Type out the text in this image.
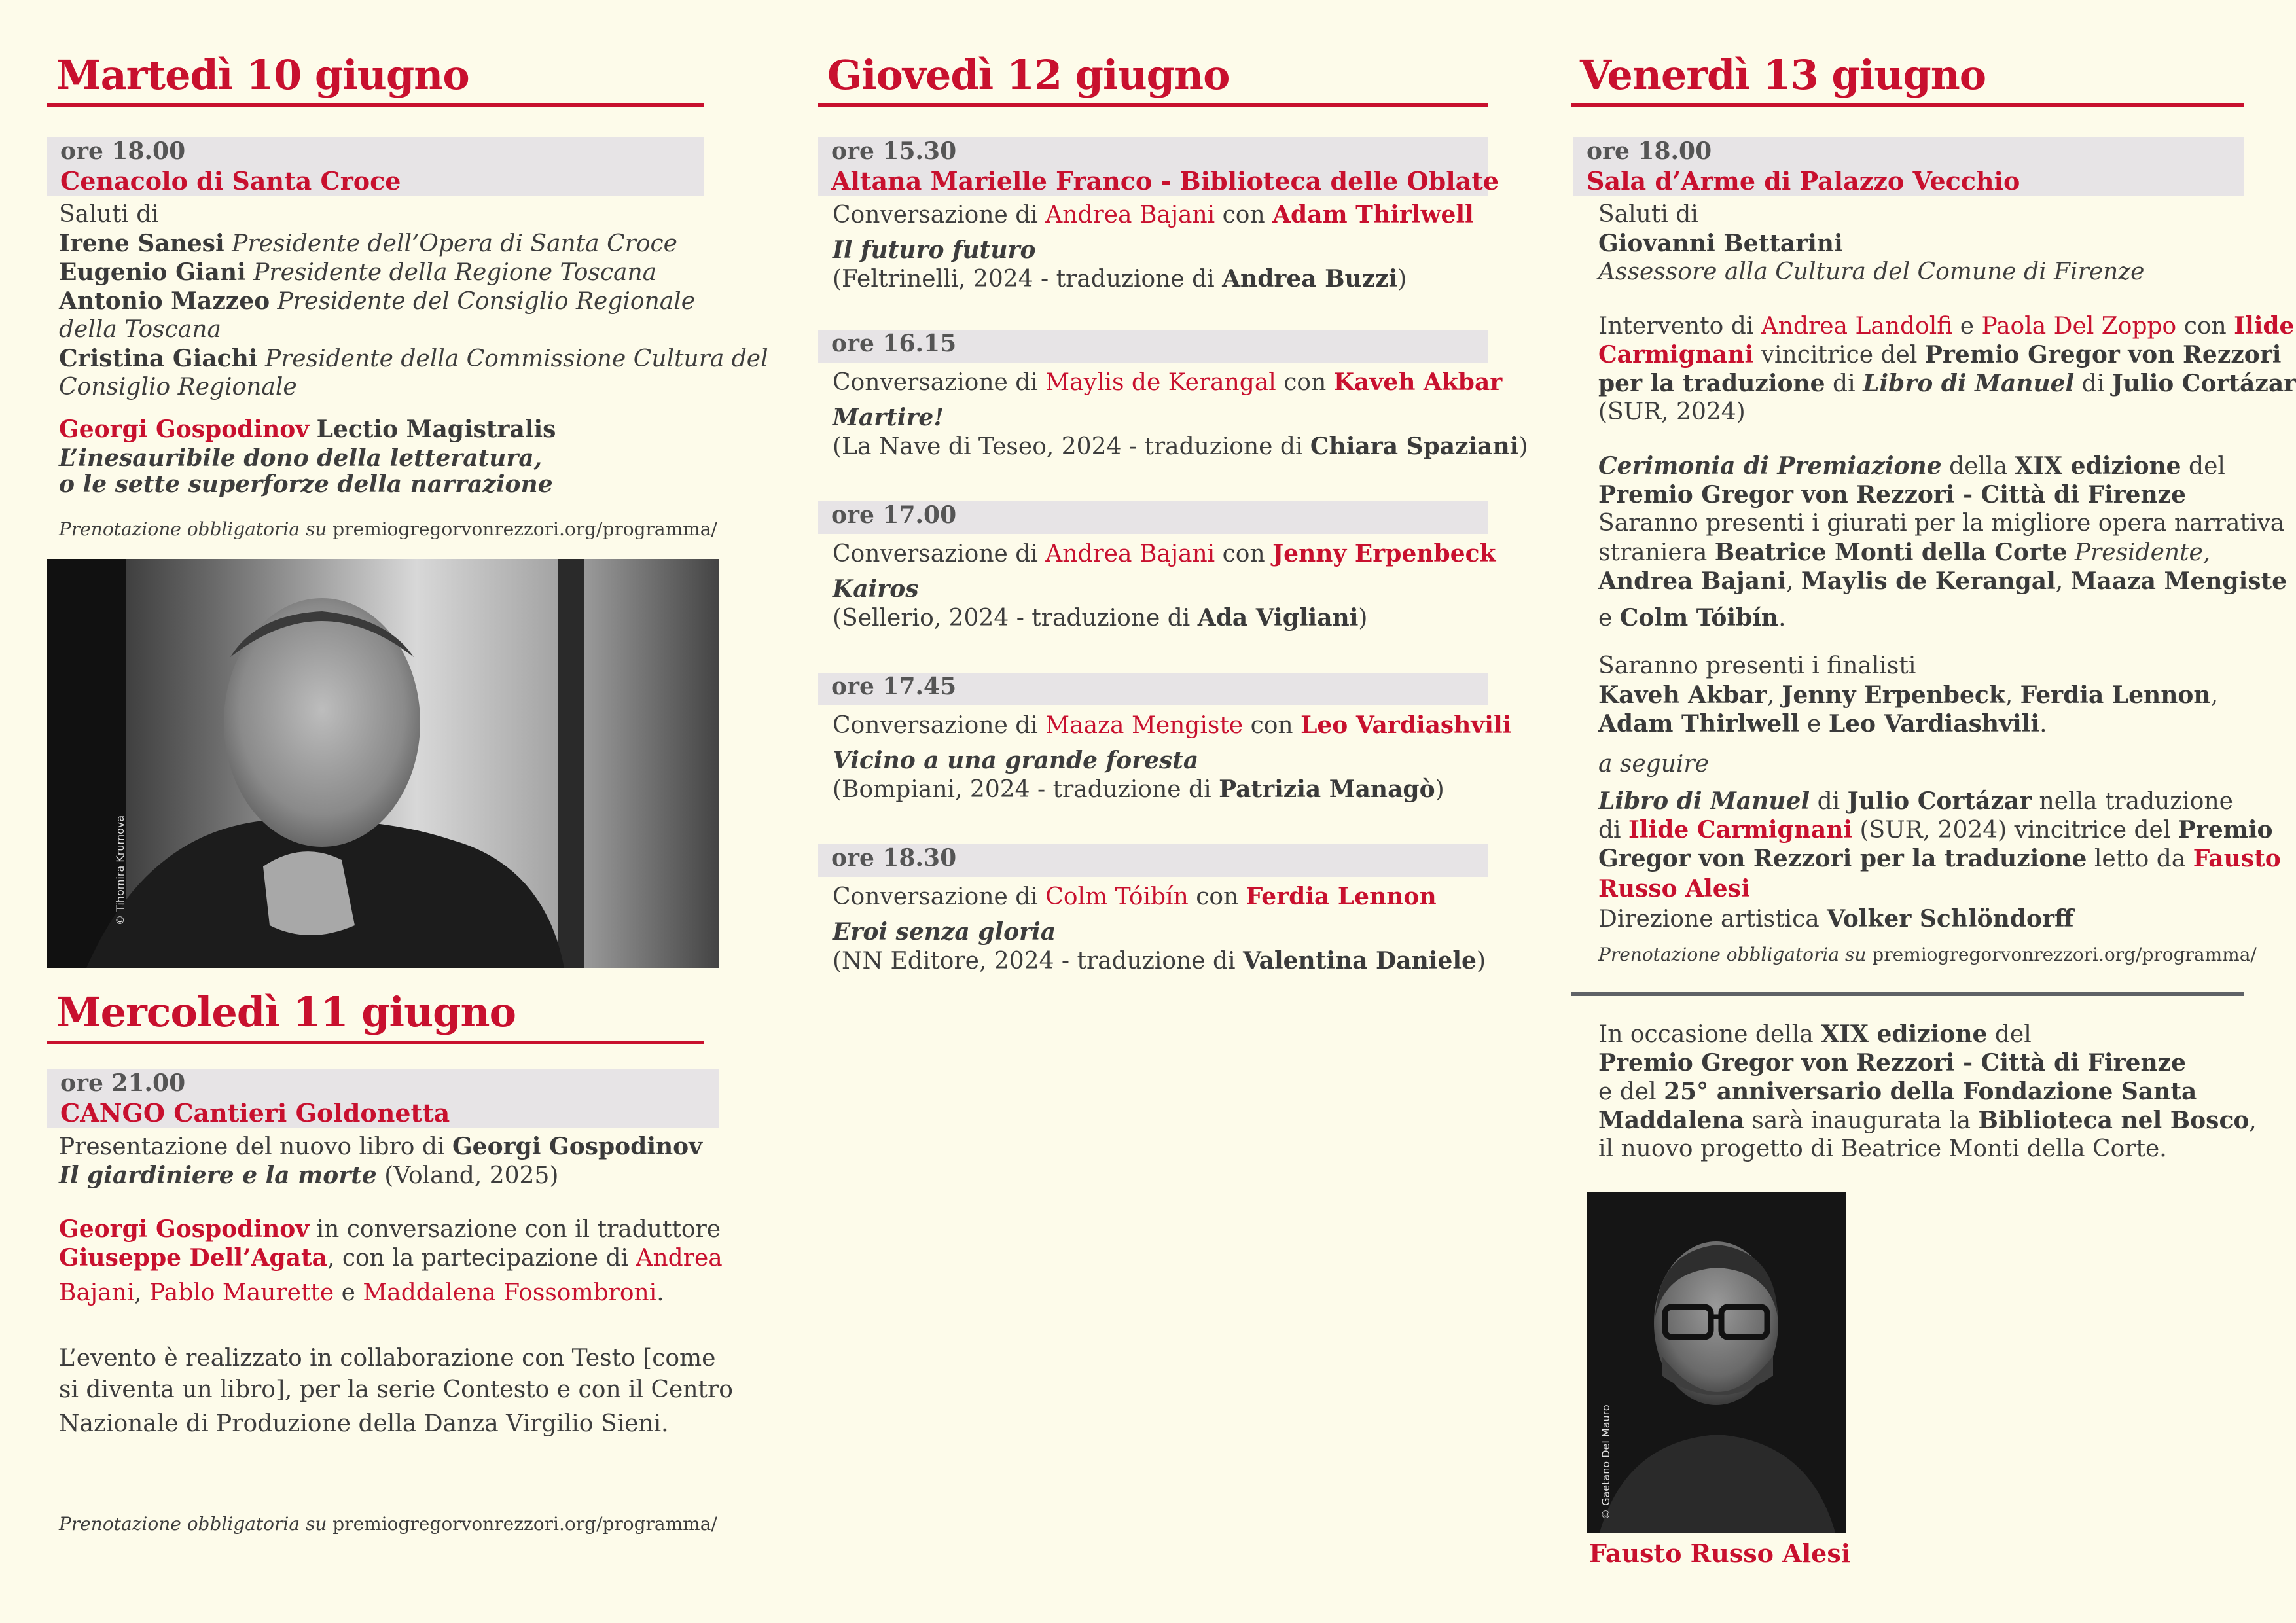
Martedì 10 giugno
ore 18.00
Cenacolo di Santa Croce
Saluti di
Irene Sanesi Presidente dell’Opera di Santa Croce
Eugenio Giani Presidente della Regione Toscana
Antonio Mazzeo Presidente del Consiglio Regionale
della Toscana
Cristina Giachi Presidente della Commissione Cultura del
Consiglio Regionale
Georgi Gospodinov Lectio Magistralis
L’inesauribile dono della letteratura,
o le sette superforze della narrazione
Prenotazione obbligatoria su premiogregorvonrezzori.org/programma/
© Tihomira Krumova
Mercoledì 11 giugno
ore 21.00
CANGO Cantieri Goldonetta
Presentazione del nuovo libro di Georgi Gospodinov
Il giardiniere e la morte (Voland, 2025)
Georgi Gospodinov in conversazione con il traduttore
Giuseppe Dell’Agata, con la partecipazione di Andrea
Bajani, Pablo Maurette e Maddalena Fossombroni.
L’evento è realizzato in collaborazione con Testo [come
si diventa un libro], per la serie Contesto e con il Centro
Nazionale di Produzione della Danza Virgilio Sieni.
Prenotazione obbligatoria su premiogregorvonrezzori.org/programma/
Giovedì 12 giugno
ore 15.30
Altana Marielle Franco - Biblioteca delle Oblate
Conversazione di Andrea Bajani con Adam Thirlwell
Il futuro futuro
(Feltrinelli, 2024 - traduzione di Andrea Buzzi)
ore 16.15
Conversazione di Maylis de Kerangal con Kaveh Akbar
Martire!
(La Nave di Teseo, 2024 - traduzione di Chiara Spaziani)
ore 17.00
Conversazione di Andrea Bajani con Jenny Erpenbeck
Kairos
(Sellerio, 2024 - traduzione di Ada Vigliani)
ore 17.45
Conversazione di Maaza Mengiste con Leo Vardiashvili
Vicino a una grande foresta
(Bompiani, 2024 - traduzione di Patrizia Managò)
ore 18.30
Conversazione di Colm Tóibín con Ferdia Lennon
Eroi senza gloria
(NN Editore, 2024 - traduzione di Valentina Daniele)
Venerdì 13 giugno
ore 18.00
Sala d’Arme di Palazzo Vecchio
Saluti di
Giovanni Bettarini
Assessore alla Cultura del Comune di Firenze
Intervento di Andrea Landolfi e Paola Del Zoppo con Ilide
Carmignani vincitrice del Premio Gregor von Rezzori
per la traduzione di Libro di Manuel di Julio Cortázar
(SUR, 2024)
Cerimonia di Premiazione della XIX edizione del
Premio Gregor von Rezzori - Città di Firenze
Saranno presenti i giurati per la migliore opera narrativa
straniera Beatrice Monti della Corte Presidente,
Andrea Bajani, Maylis de Kerangal, Maaza Mengiste
e Colm Tóibín.
Saranno presenti i finalisti
Kaveh Akbar, Jenny Erpenbeck, Ferdia Lennon,
Adam Thirlwell e Leo Vardiashvili.
a seguire
Libro di Manuel di Julio Cortázar nella traduzione
di Ilide Carmignani (SUR, 2024) vincitrice del Premio
Gregor von Rezzori per la traduzione letto da Fausto
Russo Alesi
Direzione artistica Volker Schlöndorff
Prenotazione obbligatoria su premiogregorvonrezzori.org/programma/
In occasione della XIX edizione del
Premio Gregor von Rezzori - Città di Firenze
e del 25° anniversario della Fondazione Santa
Maddalena sarà inaugurata la Biblioteca nel Bosco,
il nuovo progetto di Beatrice Monti della Corte.
© Gaetano Del Mauro
Fausto Russo Alesi
